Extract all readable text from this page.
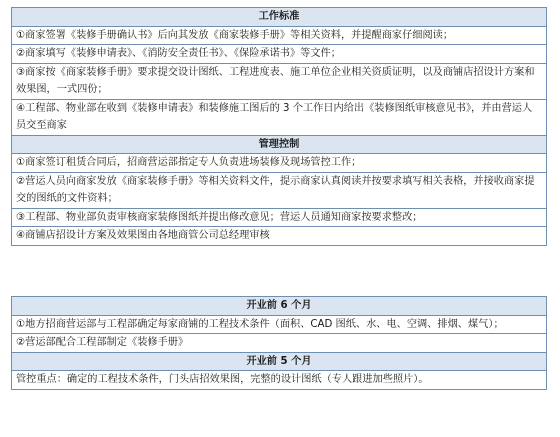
工作标准
①商家签署《装修手册确认书》后向其发放《商家装修手册》等相关资料，并提醒商家仔细阅读；
②商家填写《装修申请表》、《消防安全责任书》、《保险承诺书》等文件；
③商家按《商家装修手册》要求提交设计图纸、工程进度表、施工单位企业相关资质证明，以及商铺店招设计方案和效果图，一式四份；
④工程部、物业部在收到《装修申请表》和装修施工图后的 3 个工作日内给出《装修图纸审核意见书》，并由营运人员交至商家
管理控制
①商家签订租赁合同后，招商营运部指定专人负责进场装修及现场管控工作；
②营运人员向商家发放《商家装修手册》等相关资料文件，提示商家认真阅读并按要求填写相关表格，并接收商家提交的图纸的文件资料；
③工程部、物业部负责审核商家装修图纸并提出修改意见；营运人员通知商家按要求整改；
④商铺店招设计方案及效果图由各地商管公司总经理审核
开业前 6 个月
①地方招商营运部与工程部确定每家商铺的工程技术条件（面积、CAD 图纸、水、电、空调、排烟、煤气）；
②营运部配合工程部制定《装修手册》
开业前 5 个月
管控重点：确定的工程技术条件，门头店招效果图，完整的设计图纸（专人跟进加些照片）。
